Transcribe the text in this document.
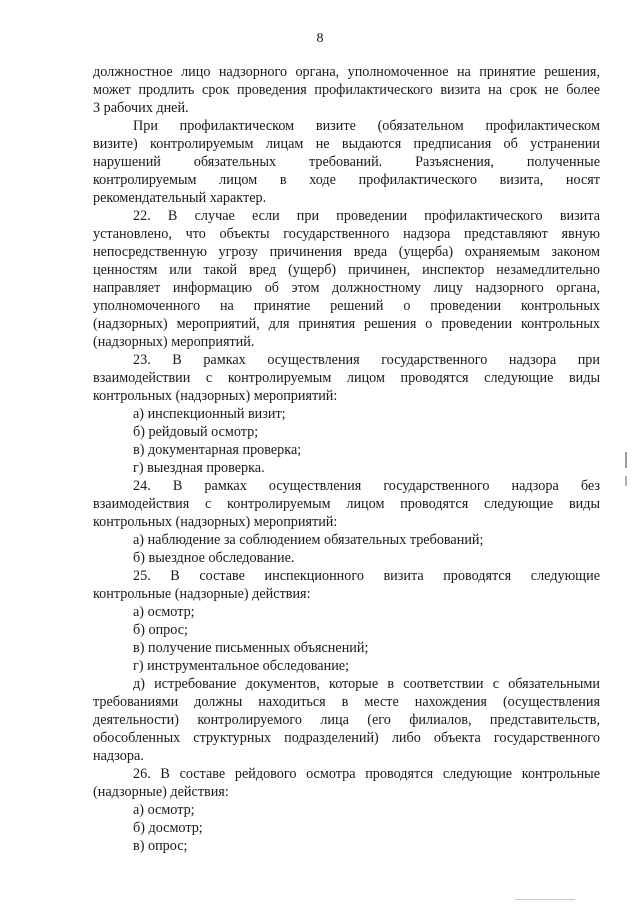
8
должностное лицо надзорного органа, уполномоченное на принятие решения,
может продлить срок проведения профилактического визита на срок не более
3 рабочих дней.
При профилактическом визите (обязательном профилактическом
визите) контролируемым лицам не выдаются предписания об устранении
нарушений обязательных требований. Разъяснения, полученные
контролируемым лицом в ходе профилактического визита, носят
рекомендательный характер.
22. В случае если при проведении профилактического визита
установлено, что объекты государственного надзора представляют явную
непосредственную угрозу причинения вреда (ущерба) охраняемым законом
ценностям или такой вред (ущерб) причинен, инспектор незамедлительно
направляет информацию об этом должностному лицу надзорного органа,
уполномоченного на принятие решений о проведении контрольных
(надзорных) мероприятий, для принятия решения о проведении контрольных
(надзорных) мероприятий.
23. В рамках осуществления государственного надзора при
взаимодействии с контролируемым лицом проводятся следующие виды
контрольных (надзорных) мероприятий:
а) инспекционный визит;
б) рейдовый осмотр;
в) документарная проверка;
г) выездная проверка.
24. В рамках осуществления государственного надзора без
взаимодействия с контролируемым лицом проводятся следующие виды
контрольных (надзорных) мероприятий:
а) наблюдение за соблюдением обязательных требований;
б) выездное обследование.
25. В составе инспекционного визита проводятся следующие
контрольные (надзорные) действия:
а) осмотр;
б) опрос;
в) получение письменных объяснений;
г) инструментальное обследование;
д) истребование документов, которые в соответствии с обязательными
требованиями должны находиться в месте нахождения (осуществления
деятельности) контролируемого лица (его филиалов, представительств,
обособленных структурных подразделений) либо объекта государственного
надзора.
26. В составе рейдового осмотра проводятся следующие контрольные
(надзорные) действия:
а) осмотр;
б) досмотр;
в) опрос;
